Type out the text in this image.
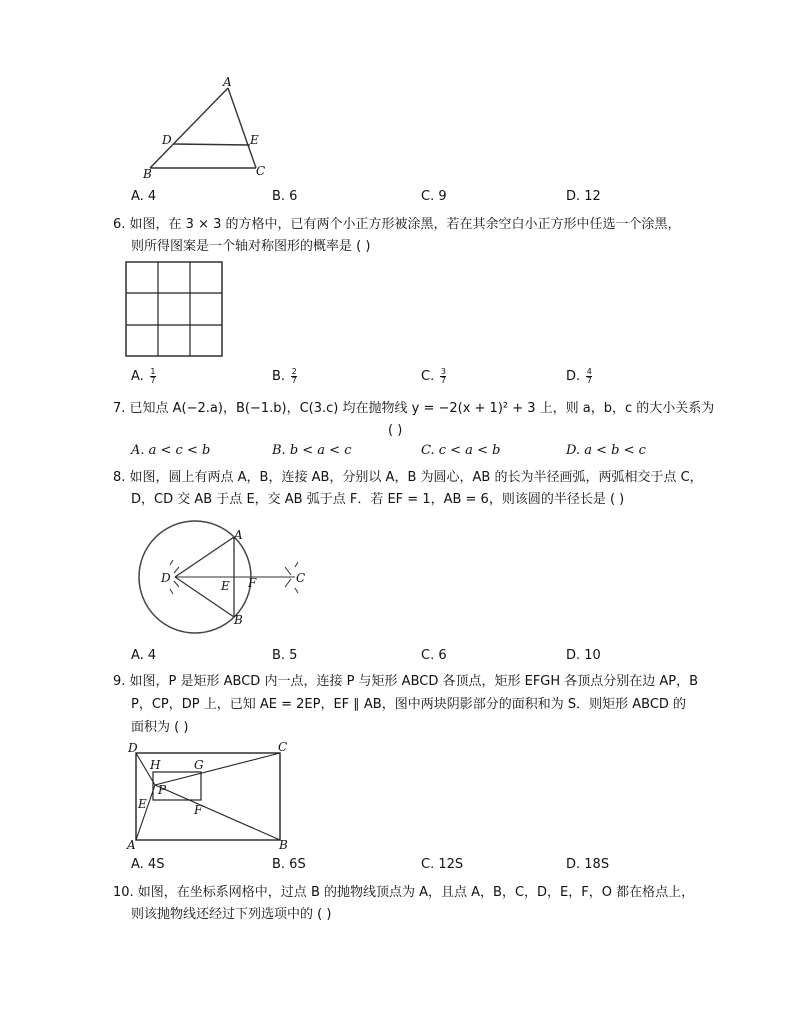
A
D	E
B	C
A. 4	B. 6	C. 9	D. 12
6. 如图，在 3 × 3 的方格中，已有两个小正方形被涂黑，若在其余空白小正方形中任选一个涂黑，
则所得图案是一个轴对称图形的概率是 ( )
A. $\frac{1}{7}$	B. $\frac{2}{7}$	C. $\frac{3}{7}$	D. $\frac{4}{7}$
7. 已知点 A(−2.a)，B(−1.b)，C(3.c) 均在抛物线 y = −2(x + 1)² + 3 上，则 a，b，c 的大小关系为
( )
A. a < c < b	B. b < a < c	C. c < a < b	D. a < b < c
8. 如图，圆上有两点 A，B，连接 AB，分别以 A，B 为圆心，AB 的长为半径画弧，两弧相交于点 C，
D，CD 交 AB 于点 E，交 AB 弧于点 F．若 EF = 1，AB = 6，则该圆的半径长是 ( )
A
D
E F	C
B
A. 4	B. 5	C. 6	D. 10
9. 如图，P 是矩形 ABCD 内一点，连接 P 与矩形 ABCD 各顶点，矩形 EFGH 各顶点分别在边 AP，B
P，CP，DP 上，已知 AE = 2EP，EF ∥ AB，图中两块阴影部分的面积和为 S．则矩形 ABCD 的
面积为 ( )
D	C
H	G
P
E	F
A	B
A. 4S	B. 6S	C. 12S	D. 18S
10. 如图，在坐标系网格中，过点 B 的抛物线顶点为 A，且点 A，B，C，D，E，F，O 都在格点上，
则该抛物线还经过下列选项中的 ( )
